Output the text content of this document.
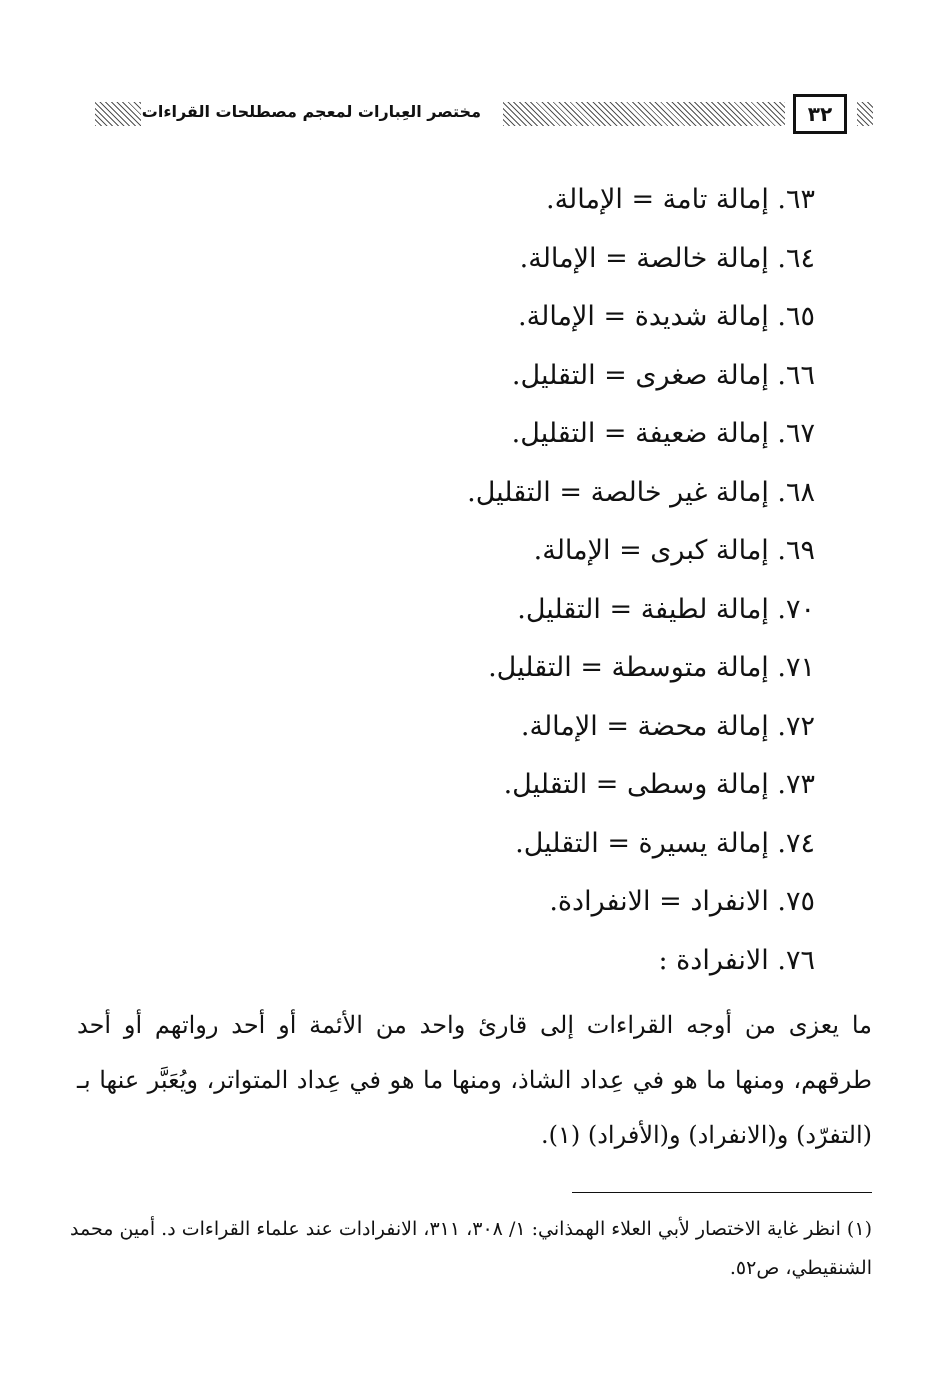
٣٢
مختصر العِبارات لمعجم مصطلحات القراءات
٦٣. إمالة تامة = الإمالة.
٦٤. إمالة خالصة = الإمالة.
٦٥. إمالة شديدة = الإمالة.
٦٦. إمالة صغرى = التقليل.
٦٧. إمالة ضعيفة = التقليل.
٦٨. إمالة غير خالصة = التقليل.
٦٩. إمالة كبرى = الإمالة.
٧٠. إمالة لطيفة = التقليل.
٧١. إمالة متوسطة = التقليل.
٧٢. إمالة محضة = الإمالة.
٧٣. إمالة وسطى = التقليل.
٧٤. إمالة يسيرة = التقليل.
٧٥. الانفراد = الانفرادة.
٧٦. الانفرادة :

ما يعزى من أوجه القراءات إلى قارئ واحد من الأئمة أو أحد رواتهم أو أحد طرقهم، ومنها ما هو في عِداد الشاذ، ومنها ما هو في عِداد المتواتر، ويُعَبَّر عنها بـ (التفرّد) و(الانفراد) و(الأفراد) (١).

(١) انظر غاية الاختصار لأبي العلاء الهمذاني: ١/ ٣٠٨، ٣١١، الانفرادات عند علماء القراءات د. أمين محمد الشنقيطي، ص٥٢.
